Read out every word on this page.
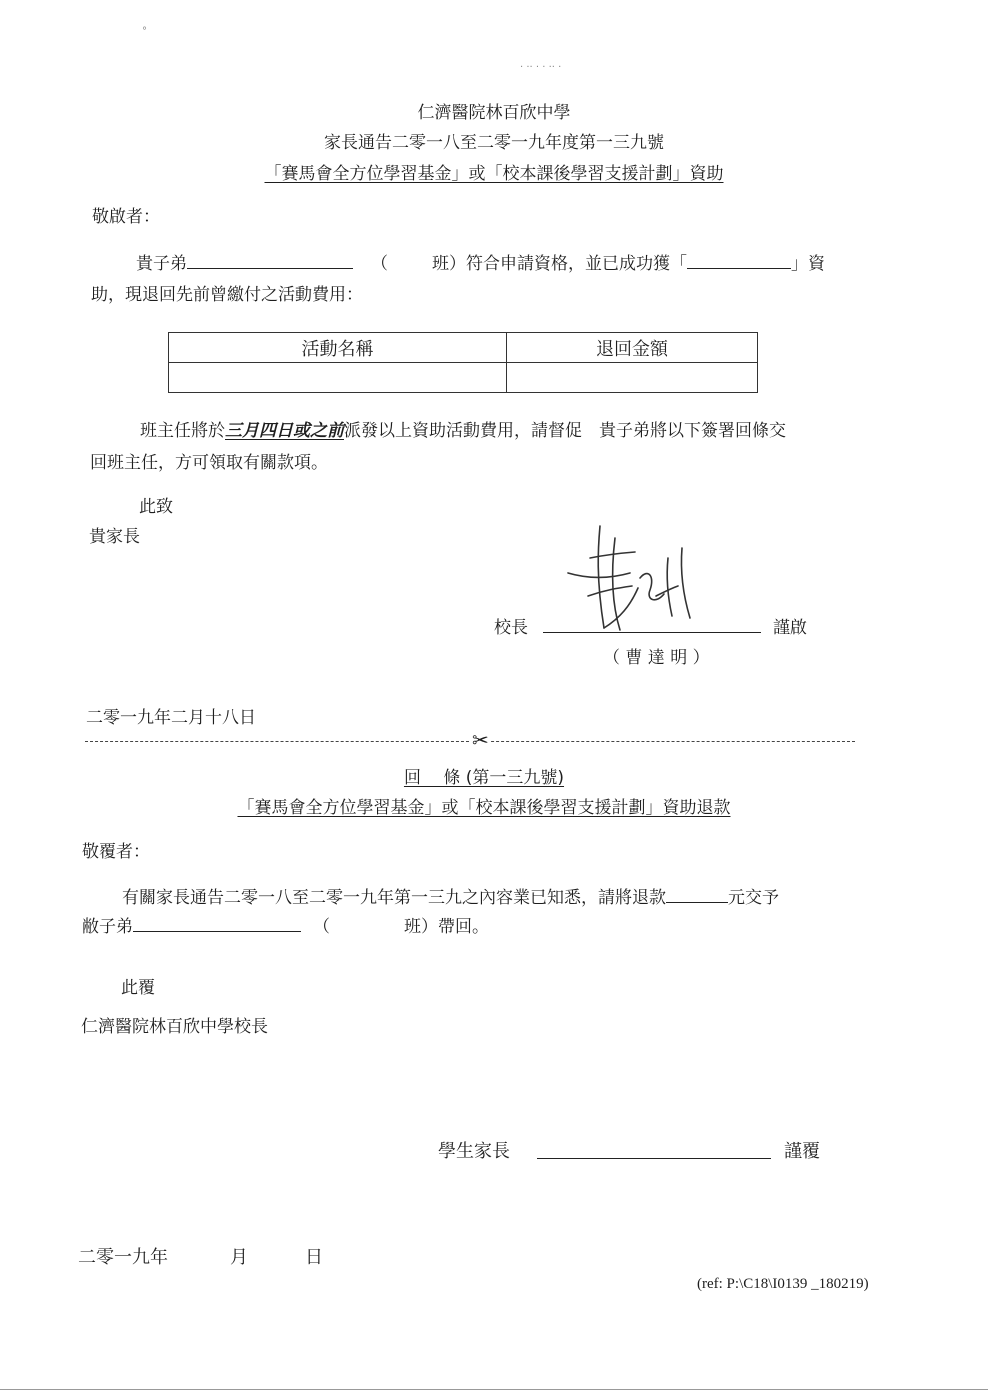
°
· ·· · · ·· ·
仁濟醫院林百欣中學
家長通告二零一八至二零一九年度第一三九號
「賽馬會全方位學習基金」或「校本課後學習支援計劃」資助
敬啟者：
貴子弟	（	班）符合申請資格，並已成功獲「	」資
助，現退回先前曾繳付之活動費用：
活動名稱	退回金額

班主任將於三月四日或之前派發以上資助活動費用，請督促　貴子弟將以下簽署回條交
回班主任，方可領取有關款項。
此致
貴家長
校長	謹啟
（ 曹 達 明 ）
二零一九年二月十八日
✂
回　 條 (第一三九號)
「賽馬會全方位學習基金」或「校本課後學習支援計劃」資助退款
敬覆者：
有關家長通告二零一八至二零一九年第一三九之內容業已知悉，請將退款	元交予
敝子弟	（	班）帶回。
此覆
仁濟醫院林百欣中學校長
學生家長	謹覆
二零一九年	月	日
(ref: P:\C18\I0139 _180219)
